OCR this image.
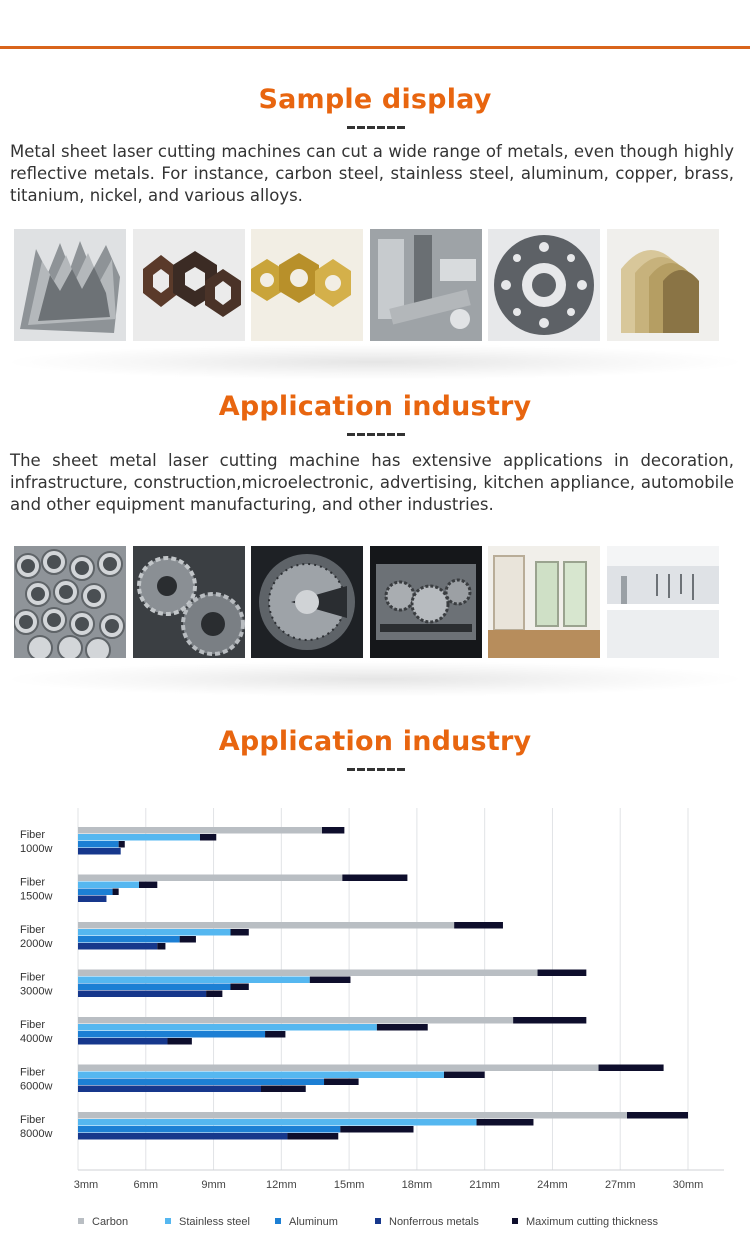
Sample display
Metal sheet laser cutting machines can cut a wide range of metals, even though highly reflective metals. For instance, carbon steel, stainless steel, aluminum, copper, brass, titanium, nickel, and various alloys.
Application industry
The sheet metal laser cutting machine has extensive applications in decoration, infrastructure, construction,microelectronic, advertising, kitchen appliance, automobile and other equipment manufacturing, and other industries.
Application industry
Fiber
1000w
Fiber
1500w
Fiber
2000w
Fiber
3000w
Fiber
4000w
Fiber
6000w
Fiber
8000w
3mm	6mm	9mm	12mm	15mm	18mm	21mm	24mm	27mm	30mm
Carbon	Stainless steel	Aluminum	Nonferrous metals	Maximum cutting thickness
